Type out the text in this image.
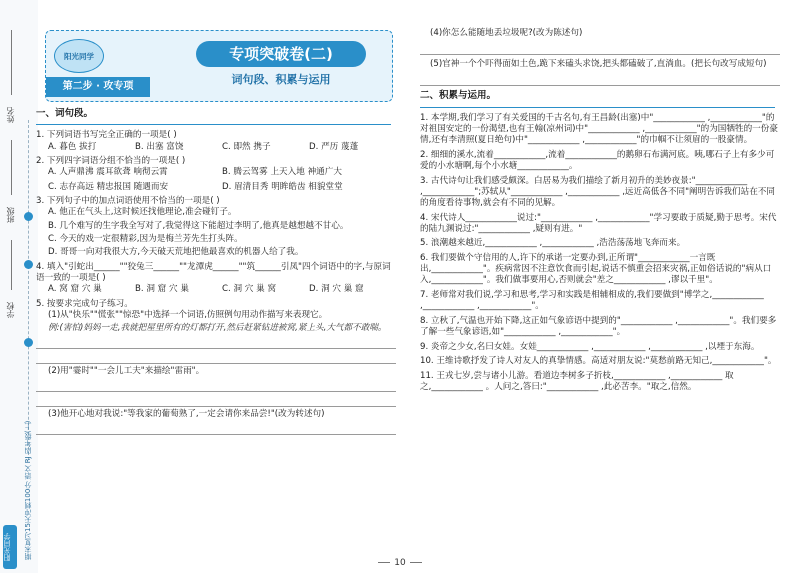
姓名
班级
学校
期末复习15天冲刺100分 语文 RJ 四年级(上)
阳光同学
阳光同学
第二步 · 攻专项
专项突破卷(二)
词句段、积累与运用
一、词句段。
1. 下列词语书写完全正确的一项是( )
A. 暮色 拔打	B. 出塞 富饶	C. 即然 携子	D. 严历 蔑蓬
2. 下列四字词语分组不恰当的一项是( )
A. 人声鼎沸 震耳欲聋 响彻云霄	B. 腾云驾雾 上天入地 神通广大
C. 志存高远 精忠报国 随遇而安	D. 眉清目秀 明眸皓齿 相貌堂堂
3. 下列句子中的加点词语使用不恰当的一项是( )
A. 他正在气头上,这时候还找他理论,准会碰钉子。
B. 几个难写的生字我全写对了,我觉得这下能超过李明了,他真是越想越不甘心。
C. 今天的戏一定很精彩,因为是梅兰芳先生打头阵。
D. 哥哥一向对我很大方,今天破天荒地把他最喜欢的机器人给了我。
4. 填入"引蛇出______""狡兔三______""龙潭虎______""筑______引凤"四个词语中的字,与原词语一致的一项是( )
A. 窝 窟 穴 巢	B. 洞 窟 穴 巢	C. 洞 穴 巢 窝	D. 洞 穴 巢 窟
5. 按要求完成句子练习。
(1)从"快乐""慌张""惊恐"中选择一个词语,仿照例句用动作描写来表现它。
例:(害怕)妈妈一走,我就把屋里所有的灯都打开,然后赶紧钻进被窝,紧上头,大气都不敢喘。
(2)用"霎时""一会儿工夫"来描绘"雷雨"。
(3)他开心地对我说:"等我家的葡萄熟了,一定会请你来品尝!"(改为转述句)
(4)你怎么能随地丢垃圾呢?(改为陈述句)
(5)官神一个个吓得面如土色,跪下来磕头求饶,把头都磕破了,直淌血。(把长句改写成短句)
二、积累与运用。
1. 本学期,我们学习了有关爱国的千古名句,有王昌龄(出塞)中"____________ ,____________"的对祖国安定的一份渴望,也有王翰(凉州词)中"____________ ,____________"的为国牺牲的一份豪情,还有李清照(夏日绝句)中"____________ ,____________"的巾帼不让须眉的一股豪情。
2. 细细的溪水,流着____________,流着____________的鹅卵石布满河底。咦,哪石子上有多少可爱的小水塘啊,每个小水塘____________。
3. 古代诗句让我们感受颇深。白居易为我们描绘了新月初升的美妙夜景:"____________ ,____________";苏轼从"____________ ,____________ ,远近高低各不同"阐明告诉我们站在不同的角度看待事物,就会有不同的见解。
4. 宋代诗人____________说过:"____________ ,____________"学习要敢于质疑,勤于思考。宋代的陆九渊说过:"____________ ,疑则有进。"
5. 浪潮越来越近,____________ ,____________ ,浩浩荡荡地飞奔而来。
6. 我们要做个守信用的人,许下的承诺一定要办到,正所谓"____________一言既出,____________"。疾病常因不注意饮食而引起,说话不慎重会招来灾祸,正如俗话说的"病从口入,____________"。我们做事要用心,否则就会"差之____________ ,谬以千里"。
7. 老师常对我们说,学习和思考,学习和实践是相辅相成的,我们要做到"博学之,____________ ,____________ ,____________"。
8. 立秋了,气温也开始下降,这正如气象谚语中提到的"____________ ,____________"。我们要多了解一些气象谚语,如"____________ ,____________"。
9. 炎帝之少女,名曰女娃。女娃____________ ,____________ ,____________ ,以堙于东海。
10. 王维诗歌抒发了诗人对友人的真挚情感。高适对朋友说:"莫愁前路无知己,____________"。
11. 王戎七岁,尝与诸小儿游。看道边李树多子折枝,____________ ,____________ 取之,____________ 。人问之,答曰:"____________ ,此必苦李。"取之,信然。
10
